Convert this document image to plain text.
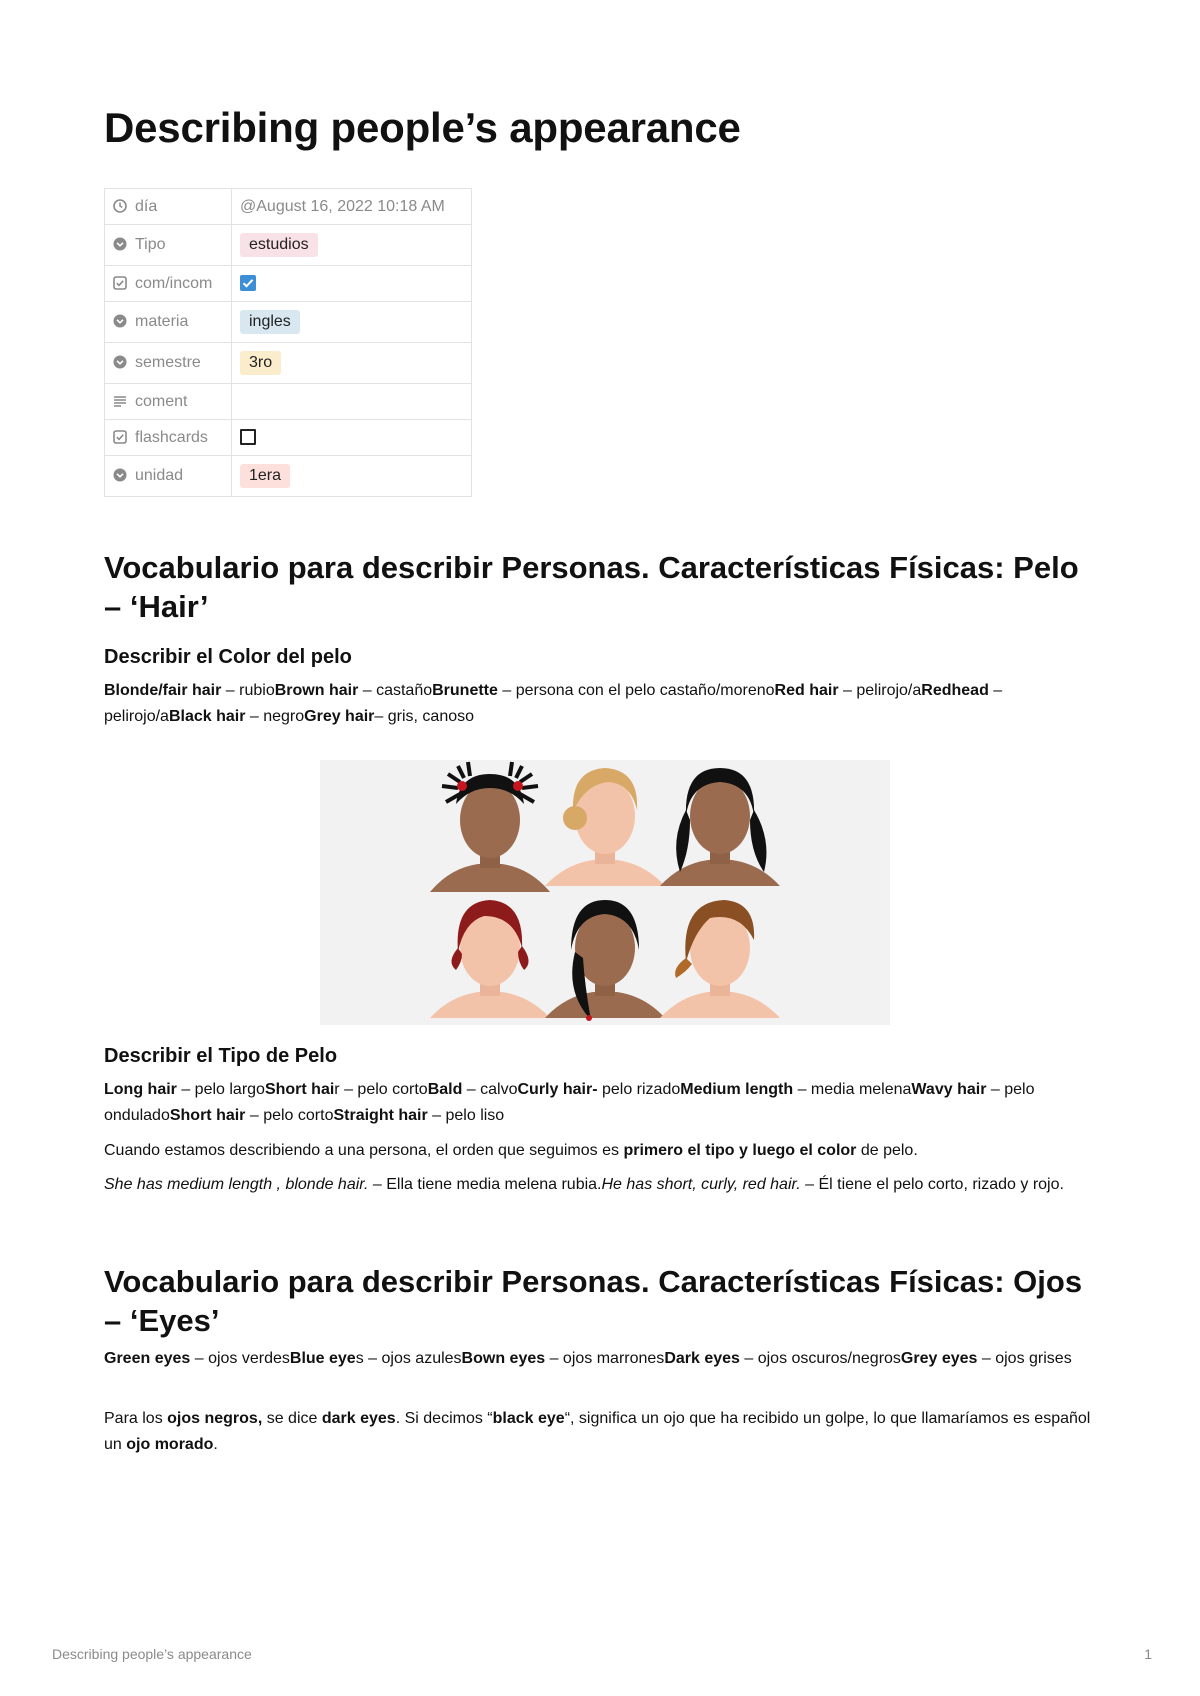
Describing people’s appearance
día	@August 16, 2022 10:18 AM
Tipo	estudios
com/incom	
materia	ingles
semestre	3ro
coment	
flashcards	
unidad	1era
Vocabulario para describir Personas. Características Físicas: Pelo – ‘Hair’
Describir el Color del pelo

Blonde/fair hair – rubioBrown hair – castañoBrunette – persona con el pelo castaño/morenoRed hair – pelirojo/aRedhead – pelirojo/aBlack hair – negroGrey hair– gris, canoso

Describir el Tipo de Pelo

Long hair – pelo largoShort hair – pelo cortoBald – calvoCurly hair- pelo rizadoMedium length – media melenaWavy hair – pelo onduladoShort hair – pelo cortoStraight hair – pelo liso

Cuando estamos describiendo a una persona, el orden que seguimos es primero el tipo y luego el color de pelo.

She has medium length , blonde hair. – Ella tiene media melena rubia.He has short, curly, red hair. – Él tiene el pelo corto, rizado y rojo.

Vocabulario para describir Personas. Características Físicas: Ojos – ‘Eyes’

Green eyes – ojos verdesBlue eyes – ojos azulesBown eyes – ojos marronesDark eyes – ojos oscuros/negrosGrey eyes – ojos grises

Para los ojos negros, se dice dark eyes. Si decimos “black eye“, significa un ojo que ha recibido un golpe, lo que llamaríamos es español un ojo morado.

Describing people’s appearance	1
